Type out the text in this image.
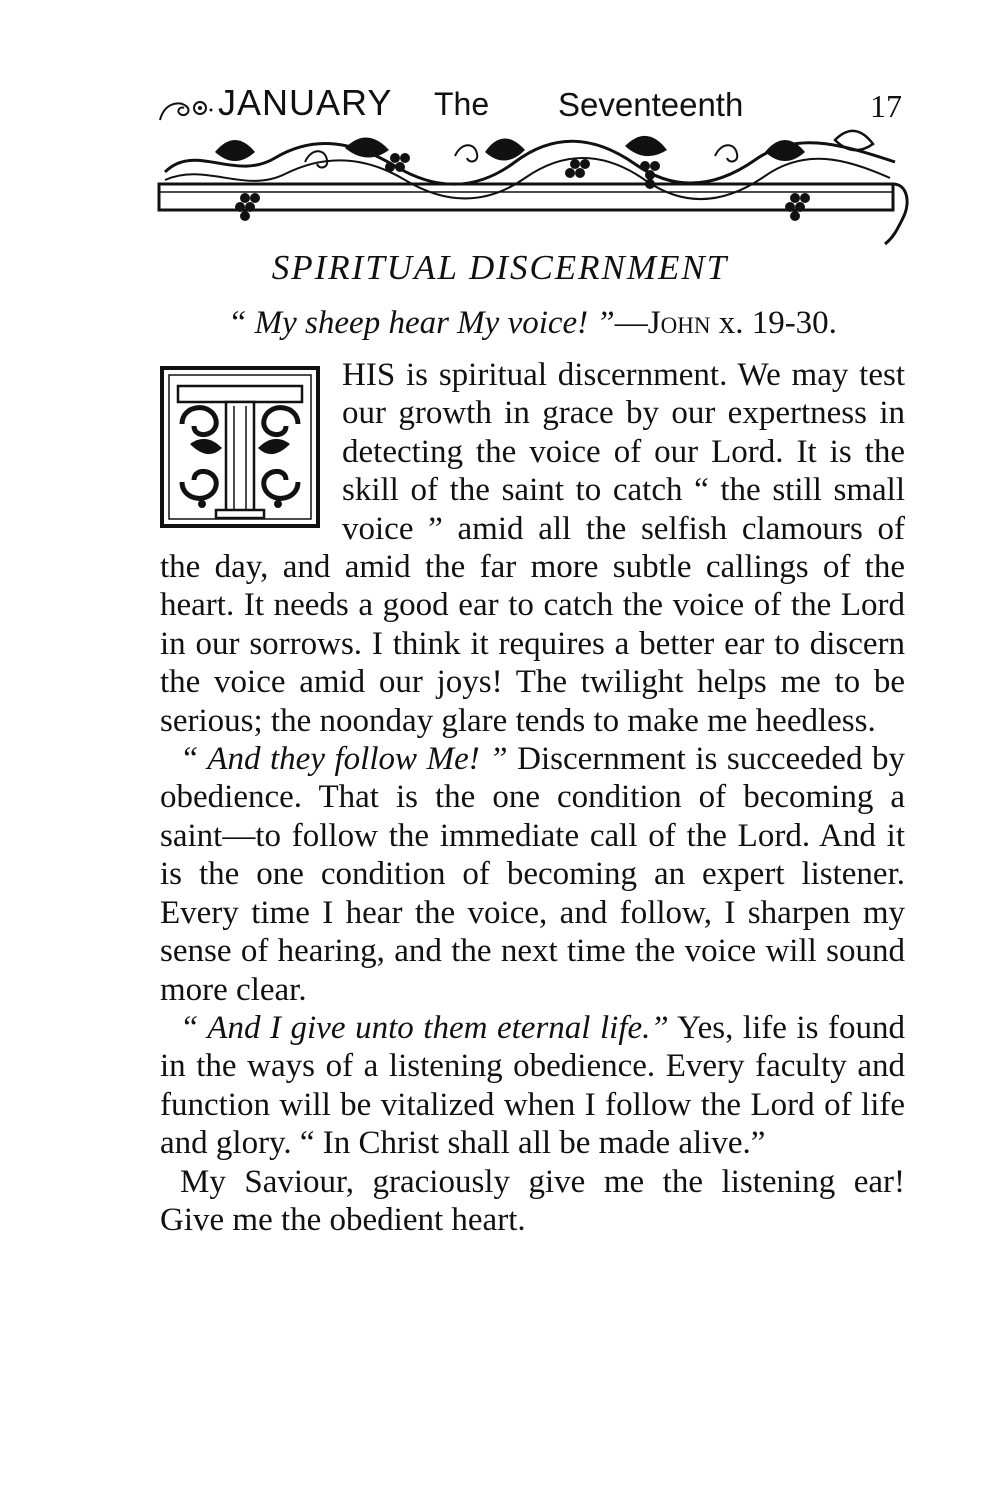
JANUARY The Seventeenth	17
SPIRITUAL DISCERNMENT
“ My sheep hear My voice! ”—John x. 19-30.

HIS is spiritual discernment. We may test our growth in grace by our expertness in detecting the voice of our Lord. It is the skill of the saint to catch “ the still small voice ” amid all the selfish clamours of the day, and amid the far more subtle callings of the heart. It needs a good ear to catch the voice of the Lord in our sorrows. I think it requires a better ear to discern the voice amid our joys! The twilight helps me to be serious; the noonday glare tends to make me heedless.

“ And they follow Me! ” Discernment is succeeded by obedience. That is the one condition of becoming a saint—to follow the immediate call of the Lord. And it is the one condition of becoming an expert listener. Every time I hear the voice, and follow, I sharpen my sense of hearing, and the next time the voice will sound more clear.

“ And I give unto them eternal life.” Yes, life is found in the ways of a listening obedience. Every faculty and function will be vitalized when I follow the Lord of life and glory. “ In Christ shall all be made alive.”

My Saviour, graciously give me the listening ear! Give me the obedient heart.
